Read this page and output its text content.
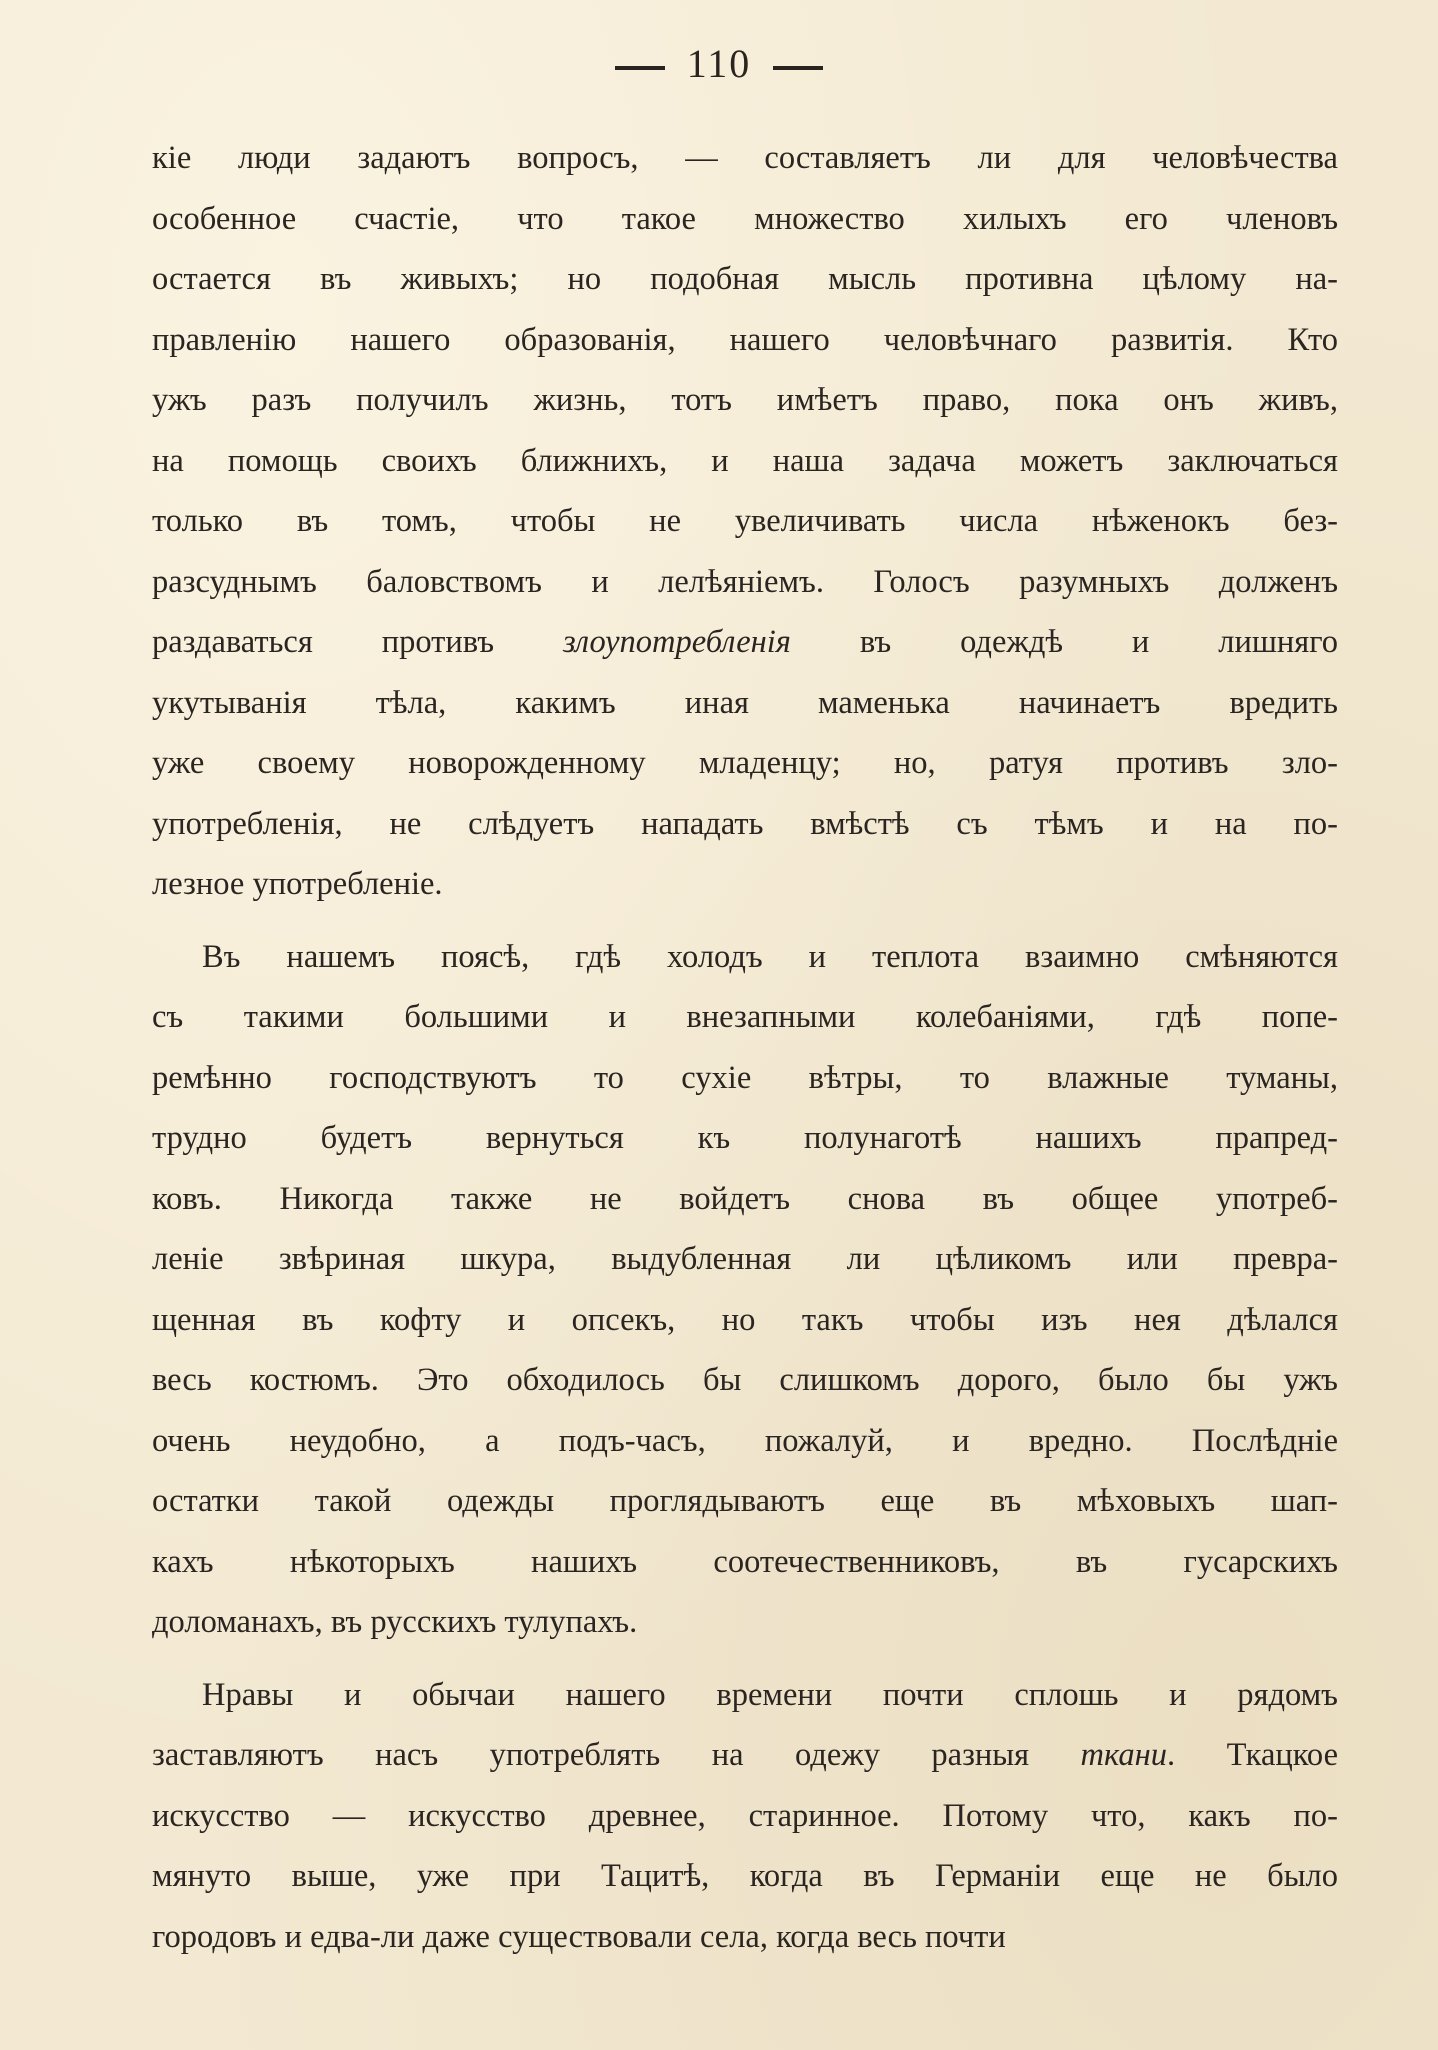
110
кіе люди задаютъ вопросъ, — составляетъ ли для человѣчества
особенное счастіе, что такое множество хилыхъ его членовъ
остается въ живыхъ; но подобная мысль противна цѣлому на-
правленію нашего образованія, нашего человѣчнаго развитія. Кто
ужъ разъ получилъ жизнь, тотъ имѣетъ право, пока онъ живъ,
на помощь своихъ ближнихъ, и наша задача можетъ заключаться
только въ томъ, чтобы не увеличивать числа нѣженокъ без-
разсуднымъ баловствомъ и лелѣяніемъ. Голосъ разумныхъ долженъ
раздаваться противъ злоупотребленія въ одеждѣ и лишняго
укутыванія тѣла, какимъ иная маменька начинаетъ вредить
уже своему новорожденному младенцу; но, ратуя противъ зло-
употребленія, не слѣдуетъ нападать вмѣстѣ съ тѣмъ и на по-
лезное употребленіе.
Въ нашемъ поясѣ, гдѣ холодъ и теплота взаимно смѣняются
съ такими большими и внезапными колебаніями, гдѣ попе-
ремѣнно господствуютъ то сухіе вѣтры, то влажные туманы,
трудно будетъ вернуться къ полунаготѣ нашихъ прапред-
ковъ. Никогда также не войдетъ снова въ общее употреб-
леніе звѣриная шкура, выдубленная ли цѣликомъ или превра-
щенная въ кофту и опсекъ, но такъ чтобы изъ нея дѣлался
весь костюмъ. Это обходилось бы слишкомъ дорого, было бы ужъ
очень неудобно, а подъ-часъ, пожалуй, и вредно. Послѣдніе
остатки такой одежды проглядываютъ еще въ мѣховыхъ шап-
кахъ нѣкоторыхъ нашихъ соотечественниковъ, въ гусарскихъ
доломанахъ, въ русскихъ тулупахъ.
Нравы и обычаи нашего времени почти сплошь и рядомъ
заставляютъ насъ употреблять на одежу разныя ткани. Ткацкое
искусство — искусство древнее, старинное. Потому что, какъ по-
мянуто выше, уже при Тацитѣ, когда въ Германіи еще не было
городовъ и едва-ли даже существовали села, когда весь почти
